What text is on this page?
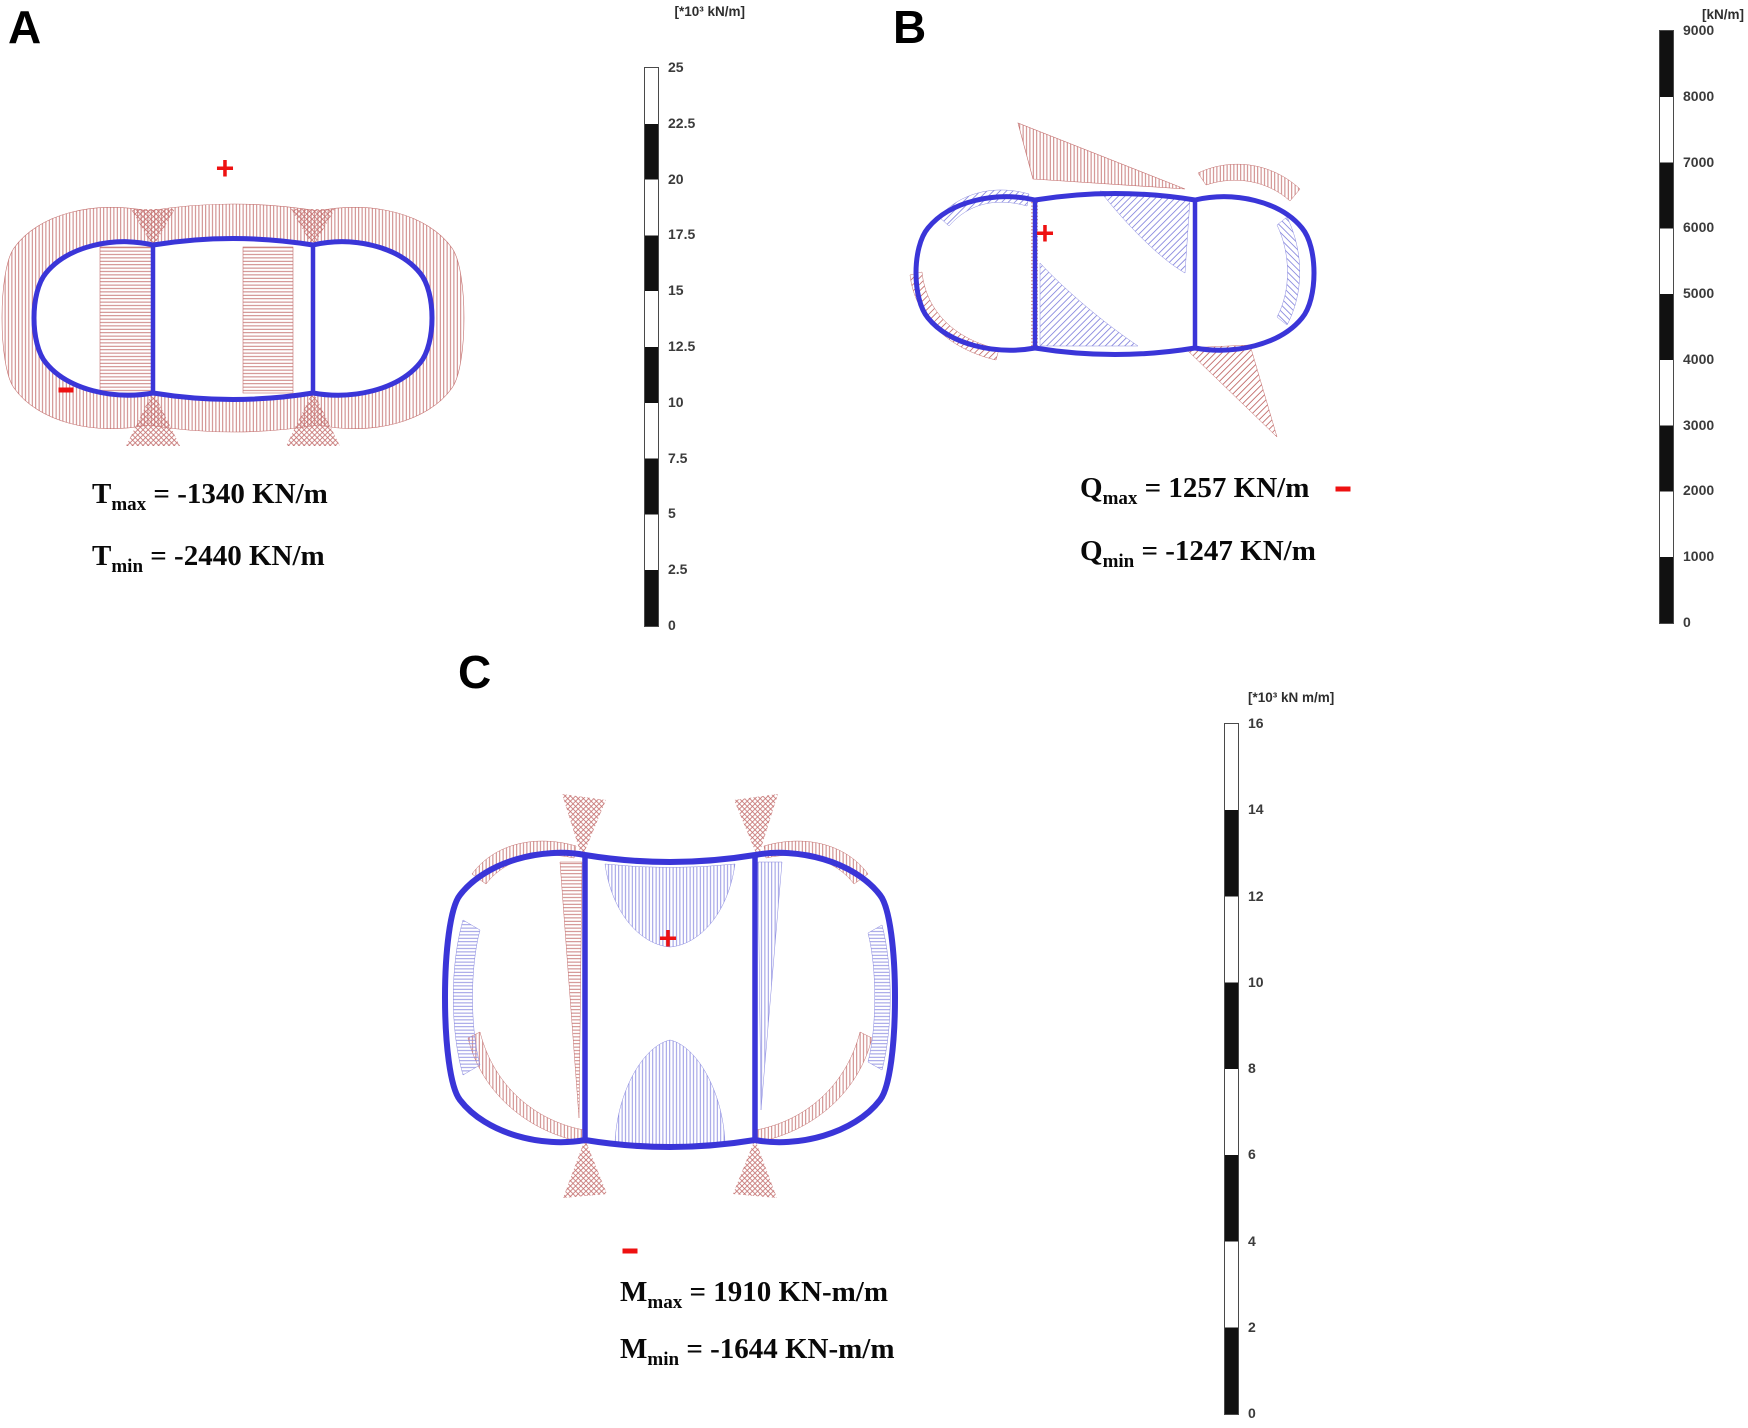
A
+
$T_{max} = -1340$ KN/m
$T_{min} = -2440$ KN/m
[*10³ kN/m]
25
22.5
20
17.5
15
12.5
10
7.5
5
2.5
0
B
+
$Q_{max} = 1257$ KN/m
$Q_{min} = -1247$ KN/m
[kN/m]
9000
8000
7000
6000
5000
4000
3000
2000
1000
0
C
+
$M_{max} = 1910$ KN-m/m
$M_{min} = -1644$ KN-m/m
[*10³ kN m/m]
16
14
12
10
8
6
4
2
0
